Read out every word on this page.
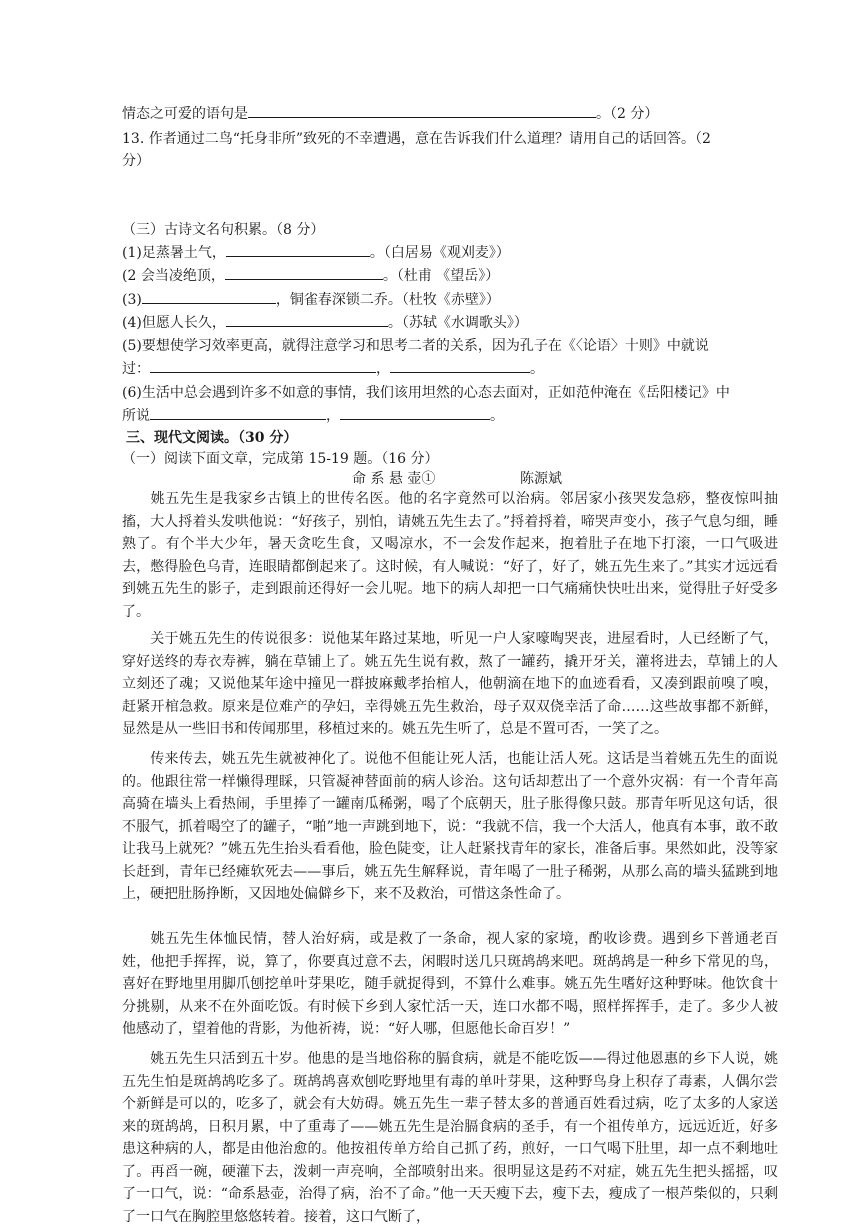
情态之可爱的语句是	。（2 分）
13. 作者通过二鸟“托身非所”致死的不幸遭遇，意在告诉我们什么道理？请用自己的话回答。（2
分）
（三）古诗文名句积累。（8 分）
(1)足蒸暑土气，	。（白居易《观刈麦》）
(2 会当凌绝顶，	。（杜甫 《望岳》）
(3)	，铜雀春深锁二乔。（杜牧《赤壁》）
(4)但愿人长久，	。（苏轼《水调歌头》）
(5)要想使学习效率更高，就得注意学习和思考二者的关系，因为孔子在《〈论语〉十则》中就说
过：	，	。
(6)生活中总会遇到许多不如意的事情，我们该用坦然的心态去面对，正如范仲淹在《岳阳楼记》中
所说	，	。
三、现代文阅读。（30 分）
（一）阅读下面文章，完成第 15-19 题。（16 分）
命 系 悬 壶①	陈源斌
姚五先生是我家乡古镇上的世传名医。他的名字竟然可以治病。邻居家小孩哭发急痧，整夜惊叫抽搐，大人捋着头发哄他说：“好孩子，别怕，请姚五先生去了。”捋着捋着，啼哭声变小，孩子气息匀细，睡熟了。有个半大少年，暑天贪吃生食，又喝凉水，不一会发作起来，抱着肚子在地下打滚，一口气吸进去，憋得脸色乌青，连眼睛都倒起来了。这时候，有人喊说：“好了，好了，姚五先生来了。”其实才远远看到姚五先生的影子，走到跟前还得好一会儿呢。地下的病人却把一口气痛痛快快吐出来，觉得肚子好受多了。
关于姚五先生的传说很多：说他某年路过某地，听见一户人家嚎啕哭丧，进屋看时，人已经断了气，穿好送终的寿衣寿裤，躺在草铺上了。姚五先生说有救，熬了一罐药，撬开牙关，灌将进去，草铺上的人立刻还了魂；又说他某年途中撞见一群披麻戴孝抬棺人，他朝滴在地下的血迹看看，又凑到跟前嗅了嗅，赶紧开棺急救。原来是位难产的孕妇，幸得姚五先生救治，母子双双侥幸活了命……这些故事都不新鲜，显然是从一些旧书和传闻那里，移植过来的。姚五先生听了，总是不置可否，一笑了之。
传来传去，姚五先生就被神化了。说他不但能让死人活，也能让活人死。这话是当着姚五先生的面说的。他跟往常一样懒得理睬，只管凝神替面前的病人诊治。这句话却惹出了一个意外灾祸：有一个青年高高骑在墙头上看热闹，手里捧了一罐南瓜稀粥，喝了个底朝天，肚子胀得像只鼓。那青年听见这句话，很不服气，抓着喝空了的罐子，“啪”地一声跳到地下，说：“我就不信，我一个大活人，他真有本事，敢不敢让我马上就死？”姚五先生抬头看看他，脸色陡变，让人赶紧找青年的家长，准备后事。果然如此，没等家长赶到，青年已经瘫软死去——事后，姚五先生解释说，青年喝了一肚子稀粥，从那么高的墙头猛跳到地上，硬把肚肠挣断，又因地处偏僻乡下，来不及救治，可惜这条性命了。
姚五先生体恤民情，替人治好病，或是救了一条命，视人家的家境，酌收诊费。遇到乡下普通老百姓，他把手挥挥，说，算了，你要真过意不去，闲暇时送几只斑鸪鸪来吧。斑鸪鸪是一种乡下常见的鸟，喜好在野地里用脚爪刨挖单叶芽果吃，随手就捉得到，不算什么难事。姚五先生嗜好这种野味。他饮食十分挑剔，从来不在外面吃饭。有时候下乡到人家忙活一天，连口水都不喝，照样挥挥手，走了。多少人被他感动了，望着他的背影，为他祈祷，说：“好人哪，但愿他长命百岁！”
姚五先生只活到五十岁。他患的是当地俗称的膈食病，就是不能吃饭——得过他恩惠的乡下人说，姚五先生怕是斑鸪鸪吃多了。斑鸪鸪喜欢刨吃野地里有毒的单叶芽果，这种野鸟身上积存了毒素，人偶尔尝个新鲜是可以的，吃多了，就会有大妨碍。姚五先生一辈子替太多的普通百姓看过病，吃了太多的人家送来的斑鸪鸪，日积月累，中了重毒了——姚五先生是治膈食病的圣手，有一个祖传单方，远远近近，好多患这种病的人，都是由他治愈的。他按祖传单方给自己抓了药，煎好，一口气喝下肚里，却一点不剩地吐了。再舀一碗，硬灌下去，泼刺一声亮响，全部喷射出来。很明显这是药不对症，姚五先生把头摇摇，叹了一口气，说：“命系悬壶，治得了病，治不了命。”他一天天瘦下去，瘦下去，瘦成了一根芦柴似的，只剩了一口气在胸腔里悠悠转着。接着，这口气断了，
